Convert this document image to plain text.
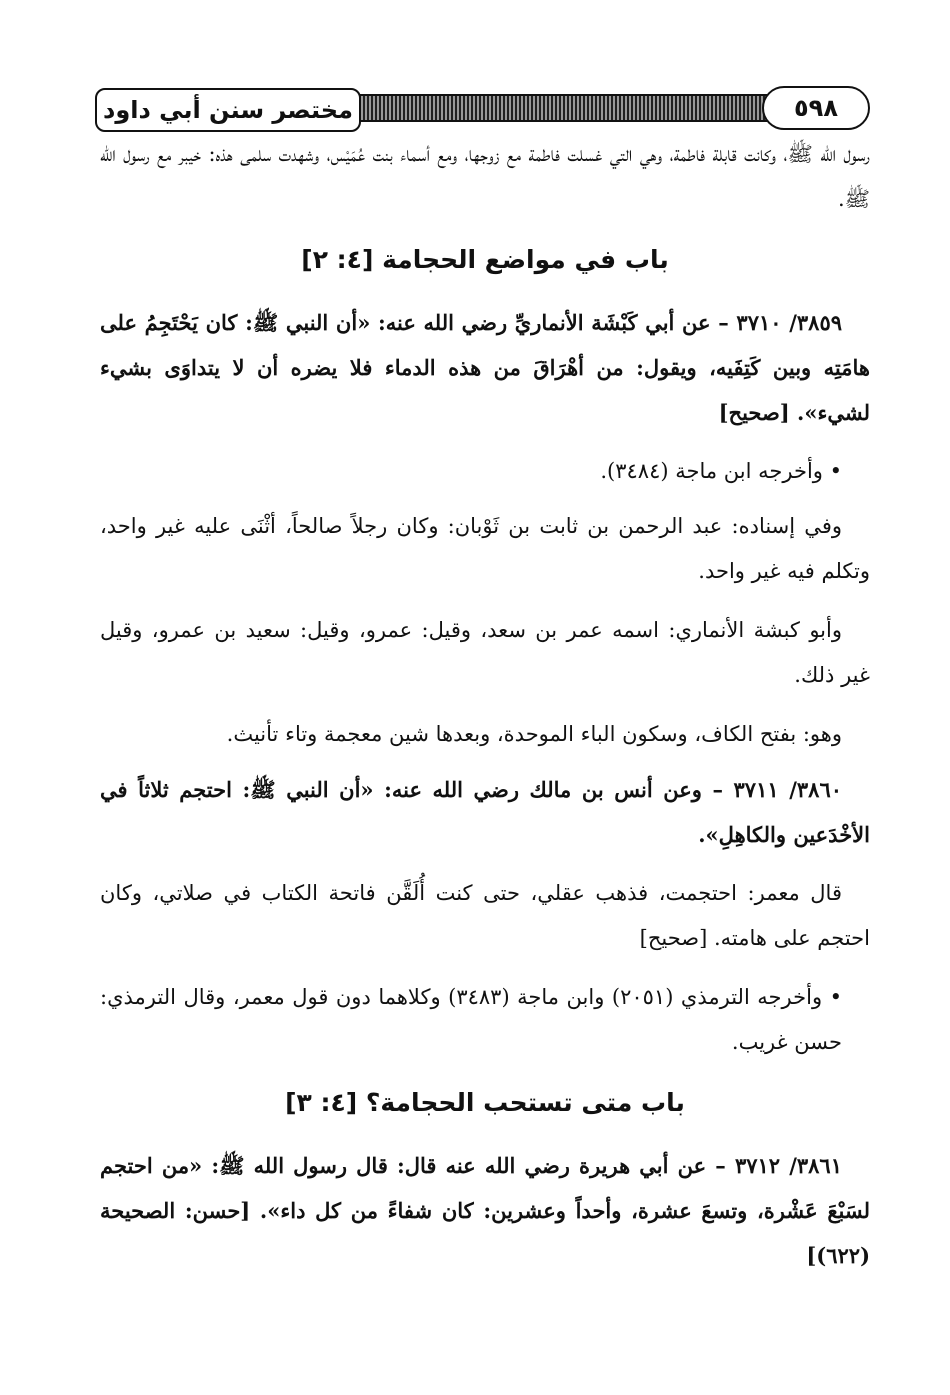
مختصر سنن أبي داود	٥٩٨

رسول الله ﷺ، وكانت قابلة فاطمة، وهي التي غسلت فاطمة مع زوجها، ومع أسماء بنت عُمَيْس، وشهدت سلمى هذه: خيبر مع رسول الله ﷺ.

باب في مواضع الحجامة [٤: ٢]

٣٨٥٩/ ٣٧١٠ – عن أبي كَبْشَة الأنماريِّ رضي الله عنه: «أن النبي ﷺ: كان يَحْتَجِمُ على هامَتِه وبين كَتِفَيه، ويقول: من أهْرَاقَ من هذه الدماء فلا يضره أن لا يتداوَى بشيء لشيء». [صحيح]

• وأخرجه ابن ماجة (٣٤٨٤).

وفي إسناده: عبد الرحمن بن ثابت بن ثَوْبان: وكان رجلاً صالحاً، أثْنَى عليه غير واحد، وتكلم فيه غير واحد.

وأبو كبشة الأنماري: اسمه عمر بن سعد، وقيل: عمرو، وقيل: سعيد بن عمرو، وقيل غير ذلك.

وهو: بفتح الكاف، وسكون الباء الموحدة، وبعدها شين معجمة وتاء تأنيث.

٣٨٦٠/ ٣٧١١ – وعن أنس بن مالك رضي الله عنه: «أن النبي ﷺ: احتجم ثلاثاً في الأخْدَعين والكاهِلِ».

قال معمر: احتجمت، فذهب عقلي، حتى كنت أُلَقَّن فاتحة الكتاب في صلاتي، وكان احتجم على هامته. [صحيح]

• وأخرجه الترمذي (٢٠٥١) وابن ماجة (٣٤٨٣) وكلاهما دون قول معمر، وقال الترمذي: حسن غريب.

باب متى تستحب الحجامة؟ [٤: ٣]

٣٨٦١/ ٣٧١٢ – عن أبي هريرة رضي الله عنه قال: قال رسول الله ﷺ: «من احتجم لسَبْعَ عَشْرة، وتسعَ عشرة، وأحداً وعشرين: كان شفاءً من كل داء». [حسن: الصحيحة (٦٢٢)]
